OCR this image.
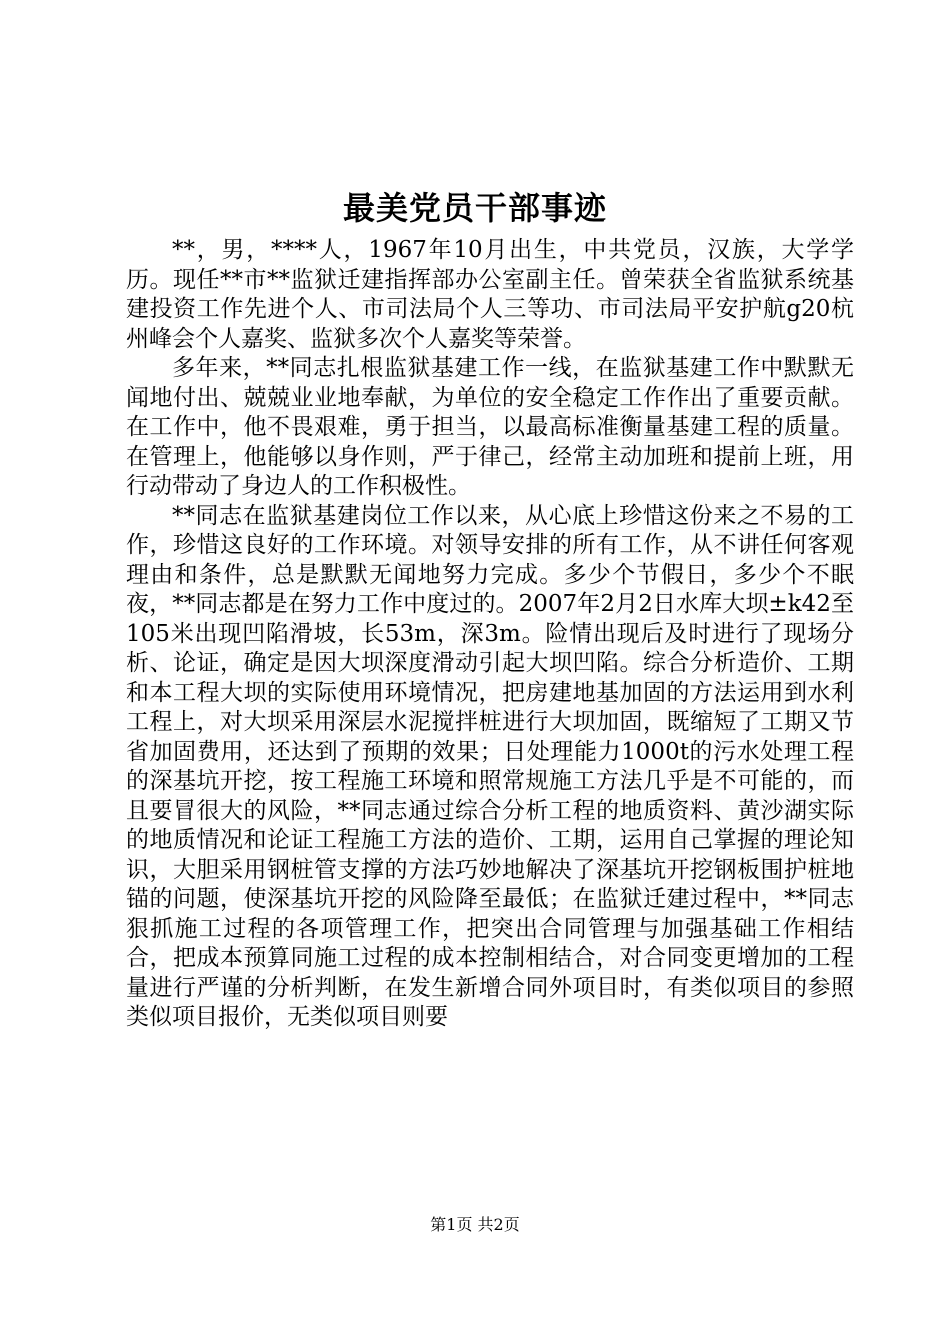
最美党员干部事迹

**，男，****人，1967年10月出生，中共党员，汉族，大学学历。现任**市**监狱迁建指挥部办公室副主任。曾荣获全省监狱系统基建投资工作先进个人、市司法局个人三等功、市司法局平安护航g20杭州峰会个人嘉奖、监狱多次个人嘉奖等荣誉。

多年来，**同志扎根监狱基建工作一线，在监狱基建工作中默默无闻地付出、兢兢业业地奉献，为单位的安全稳定工作作出了重要贡献。在工作中，他不畏艰难，勇于担当，以最高标准衡量基建工程的质量。在管理上，他能够以身作则，严于律己，经常主动加班和提前上班，用行动带动了身边人的工作积极性。

**同志在监狱基建岗位工作以来，从心底上珍惜这份来之不易的工作，珍惜这良好的工作环境。对领导安排的所有工作，从不讲任何客观理由和条件，总是默默无闻地努力完成。多少个节假日，多少个不眠夜，**同志都是在努力工作中度过的。2007年2月2日水库大坝±k42至105米出现凹陷滑坡，长53m，深3m。险情出现后及时进行了现场分析、论证，确定是因大坝深度滑动引起大坝凹陷。综合分析造价、工期和本工程大坝的实际使用环境情况，把房建地基加固的方法运用到水利工程上，对大坝采用深层水泥搅拌桩进行大坝加固，既缩短了工期又节省加固费用，还达到了预期的效果；日处理能力1000t的污水处理工程的深基坑开挖，按工程施工环境和照常规施工方法几乎是不可能的，而且要冒很大的风险，**同志通过综合分析工程的地质资料、黄沙湖实际的地质情况和论证工程施工方法的造价、工期，运用自己掌握的理论知识，大胆采用钢桩管支撑的方法巧妙地解决了深基坑开挖钢板围护桩地锚的问题，使深基坑开挖的风险降至最低；在监狱迁建过程中，**同志狠抓施工过程的各项管理工作，把突出合同管理与加强基础工作相结合，把成本预算同施工过程的成本控制相结合，对合同变更增加的工程量进行严谨的分析判断，在发生新增合同外项目时，有类似项目的参照类似项目报价，无类似项目则要

第1页 共2页
